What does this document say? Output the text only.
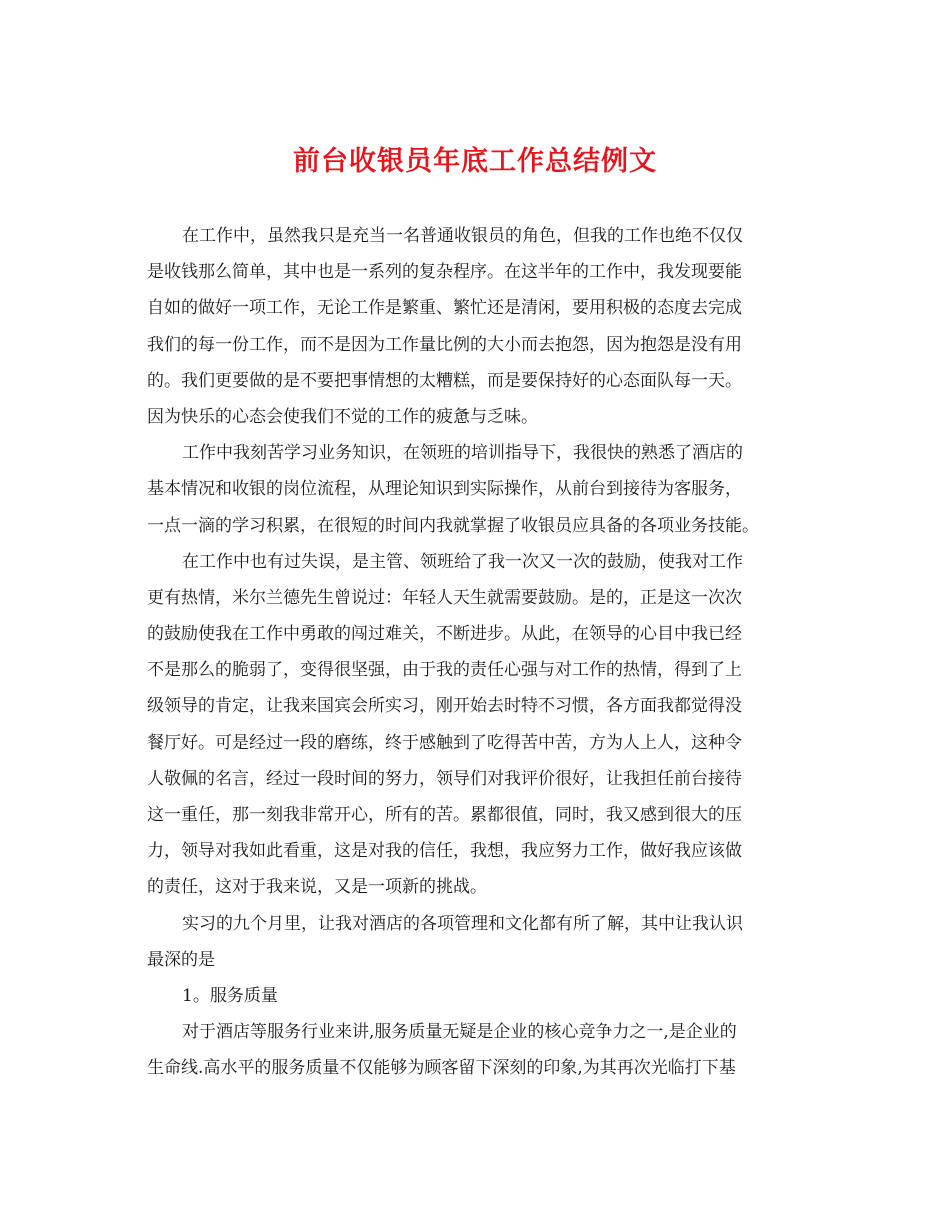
前台收银员年底工作总结例文
在工作中，虽然我只是充当一名普通收银员的角色，但我的工作也绝不仅仅
是收钱那么简单，其中也是一系列的复杂程序。在这半年的工作中，我发现要能
自如的做好一项工作，无论工作是繁重、繁忙还是清闲，要用积极的态度去完成
我们的每一份工作，而不是因为工作量比例的大小而去抱怨，因为抱怨是没有用
的。我们更要做的是不要把事情想的太糟糕，而是要保持好的心态面队每一天。
因为快乐的心态会使我们不觉的工作的疲惫与乏味。
工作中我刻苦学习业务知识，在领班的培训指导下，我很快的熟悉了酒店的
基本情况和收银的岗位流程，从理论知识到实际操作，从前台到接待为客服务，
一点一滴的学习积累，在很短的时间内我就掌握了收银员应具备的各项业务技能。
在工作中也有过失误，是主管、领班给了我一次又一次的鼓励，使我对工作
更有热情，米尔兰德先生曾说过：年轻人天生就需要鼓励。是的，正是这一次次
的鼓励使我在工作中勇敢的闯过难关，不断进步。从此，在领导的心目中我已经
不是那么的脆弱了，变得很坚强，由于我的责任心强与对工作的热情，得到了上
级领导的肯定，让我来国宾会所实习，刚开始去时特不习惯，各方面我都觉得没
餐厅好。可是经过一段的磨练，终于感触到了吃得苦中苦，方为人上人，这种令
人敬佩的名言，经过一段时间的努力，领导们对我评价很好，让我担任前台接待
这一重任，那一刻我非常开心，所有的苦。累都很值，同时，我又感到很大的压
力，领导对我如此看重，这是对我的信任，我想，我应努力工作，做好我应该做
的责任，这对于我来说，又是一项新的挑战。
实习的九个月里，让我对酒店的各项管理和文化都有所了解，其中让我认识
最深的是
1。服务质量
对于酒店等服务行业来讲,服务质量无疑是企业的核心竞争力之一,是企业的
生命线.高水平的服务质量不仅能够为顾客留下深刻的印象,为其再次光临打下基
